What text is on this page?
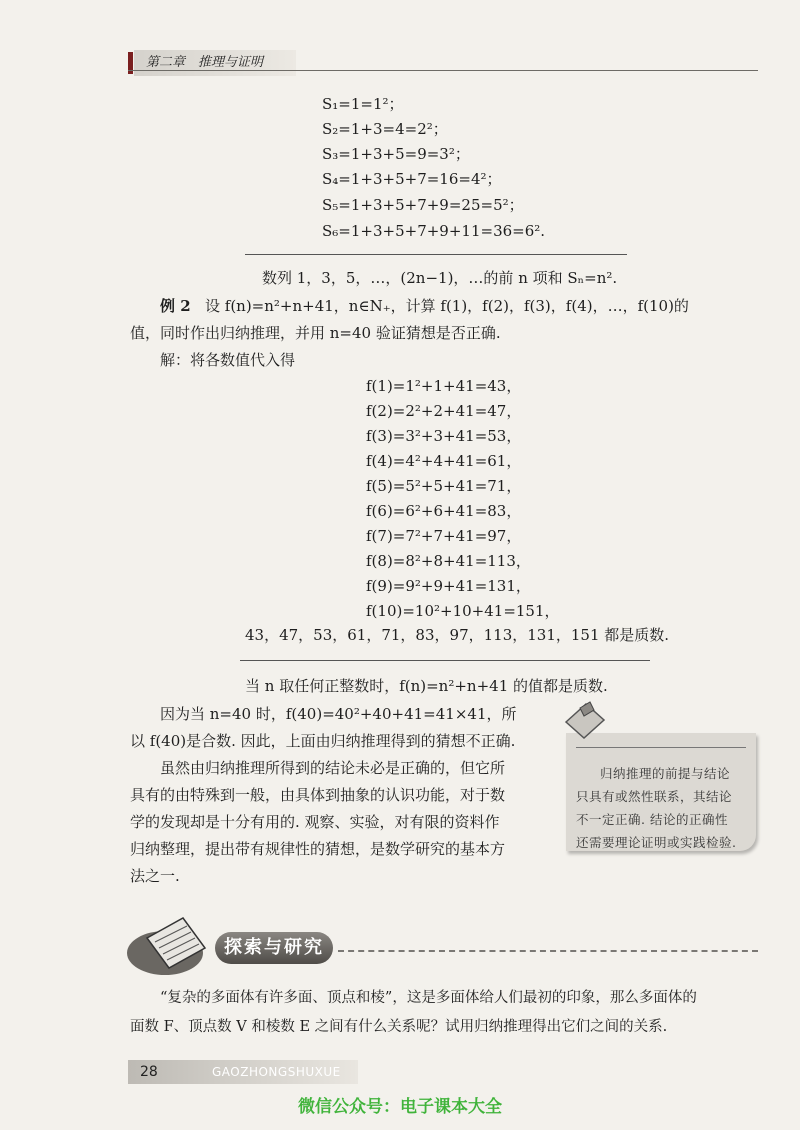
第二章　推理与证明
S₁=1=1²；
S₂=1+3=4=2²；
S₃=1+3+5=9=3²；
S₄=1+3+5+7=16=4²；
S₅=1+3+5+7+9=25=5²；
S₆=1+3+5+7+9+11=36=6².
数列 1，3，5，…，(2n−1)，…的前 n 项和 Sₙ=n².
例 2 设 f(n)=n²+n+41，n∈N₊，计算 f(1)，f(2)，f(3)，f(4)，…，f(10)的
值，同时作出归纳推理，并用 n=40 验证猜想是否正确.
解：将各数值代入得
f(1)=1²+1+41=43，
f(2)=2²+2+41=47，
f(3)=3²+3+41=53，
f(4)=4²+4+41=61，
f(5)=5²+5+41=71，
f(6)=6²+6+41=83，
f(7)=7²+7+41=97，
f(8)=8²+8+41=113，
f(9)=9²+9+41=131，
f(10)=10²+10+41=151，
43，47，53，61，71，83，97，113，131，151 都是质数.
当 n 取任何正整数时，f(n)=n²+n+41 的值都是质数.
因为当 n=40 时，f(40)=40²+40+41=41×41，所
以 f(40)是合数. 因此，上面由归纳推理得到的猜想不正确.
虽然由归纳推理所得到的结论未必是正确的，但它所
具有的由特殊到一般，由具体到抽象的认识功能，对于数
学的发现却是十分有用的. 观察、实验，对有限的资料作
归纳整理，提出带有规律性的猜想，是数学研究的基本方
法之一.
归纳推理的前提与结论
只具有或然性联系，其结论
不一定正确. 结论的正确性
还需要理论证明或实践检验.
探索与研究
“复杂的多面体有许多面、顶点和棱”，这是多面体给人们最初的印象，那么多面体的
面数 F、顶点数 V 和棱数 E 之间有什么关系呢？试用归纳推理得出它们之间的关系.
28	GAOZHONGSHUXUE
微信公众号：电子课本大全
